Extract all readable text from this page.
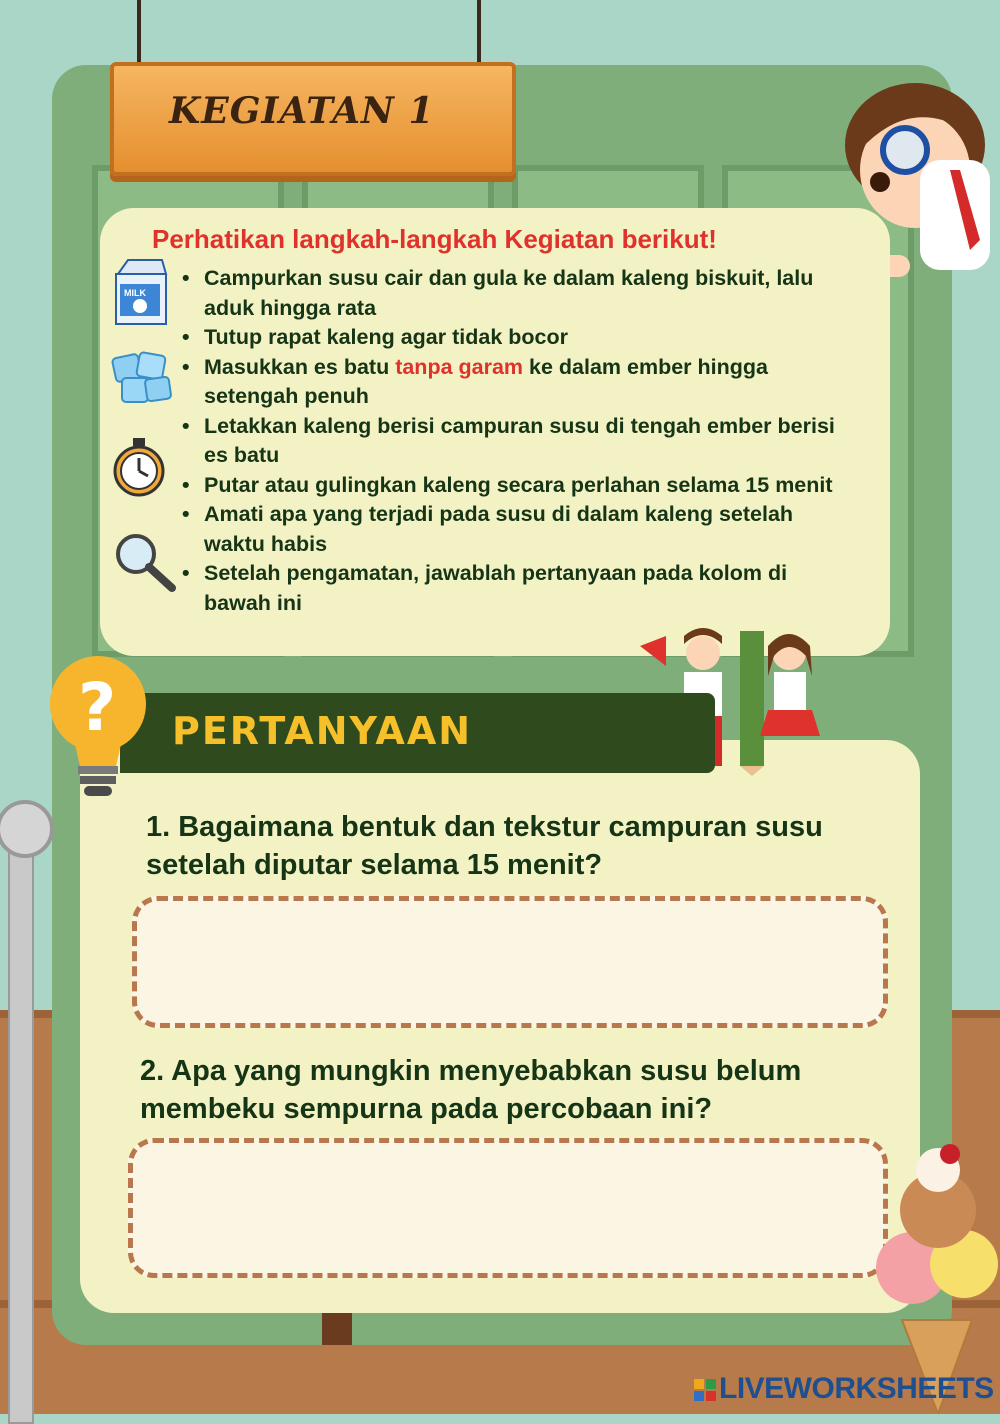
KEGIATAN 1
Perhatikan langkah-langkah Kegiatan berikut!
• Campurkan susu cair dan gula ke dalam kaleng biskuit, lalu aduk hingga rata
• Tutup rapat kaleng agar tidak bocor
• Masukkan es batu tanpa garam ke dalam ember hingga setengah penuh
• Letakkan kaleng berisi campuran susu di tengah ember berisi es batu
• Putar atau gulingkan kaleng secara perlahan selama 15 menit
• Amati apa yang terjadi pada susu di dalam kaleng setelah waktu habis
• Setelah pengamatan, jawablah pertanyaan pada kolom di bawah ini
MILK
PERTANYAAN
?
1. Bagaimana bentuk dan tekstur campuran susu setelah diputar selama 15 menit?
2. Apa yang mungkin menyebabkan susu belum membeku sempurna pada percobaan ini?
LIVEWORKSHEETS
